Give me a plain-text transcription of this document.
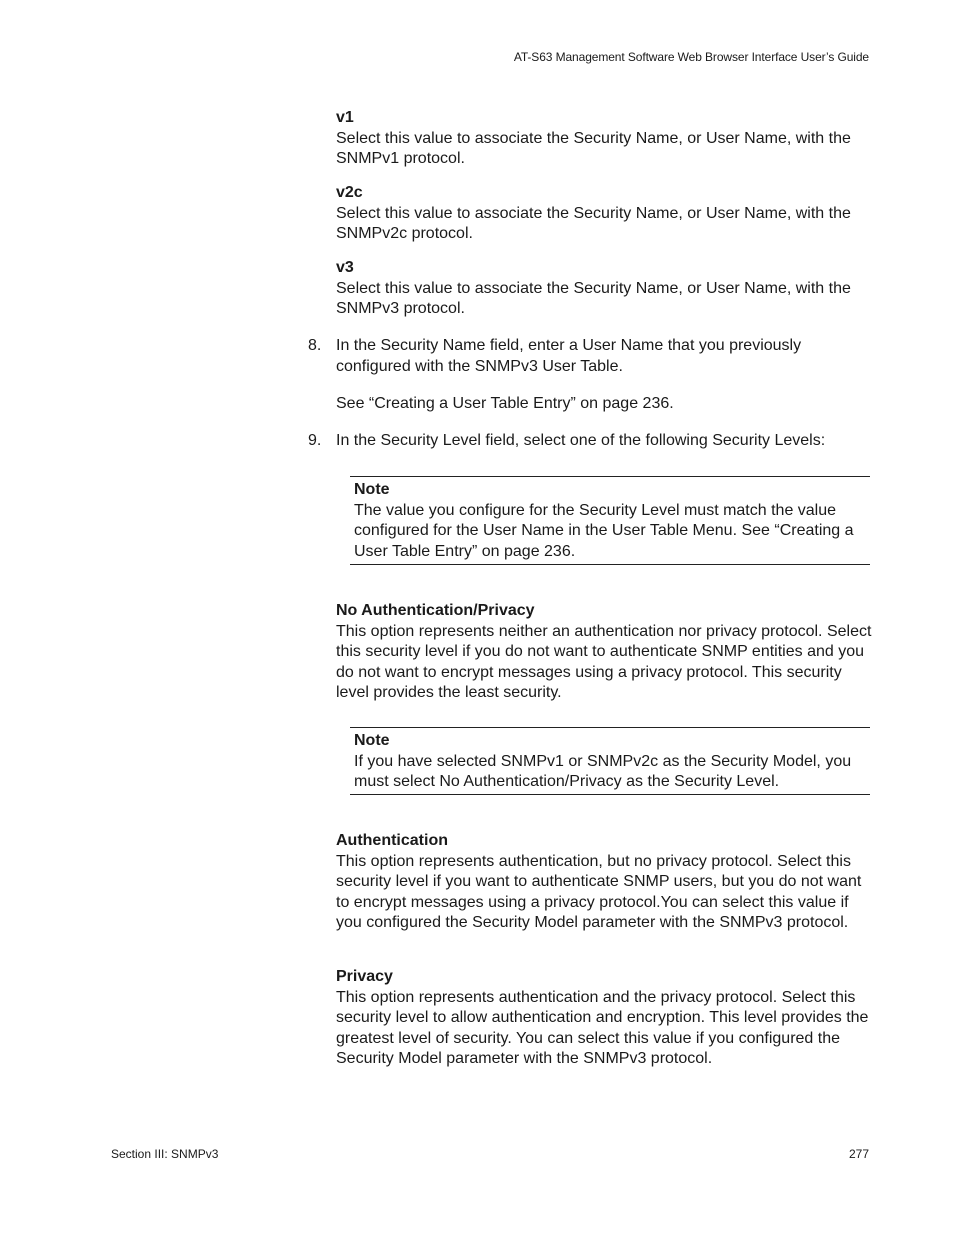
AT-S63 Management Software Web Browser Interface User’s Guide

v1

Select this value to associate the Security Name, or User Name, with the SNMPv1 protocol.

v2c

Select this value to associate the Security Name, or User Name, with the SNMPv2c protocol.

v3

Select this value to associate the Security Name, or User Name, with the SNMPv3 protocol.

8. In the Security Name field, enter a User Name that you previously configured with the SNMPv3 User Table.
See “Creating a User Table Entry” on page 236.
9. In the Security Level field, select one of the following Security Levels:

Note

The value you configure for the Security Level must match the value configured for the User Name in the User Table Menu. See “Creating a User Table Entry” on page 236.

No Authentication/Privacy

This option represents neither an authentication nor privacy protocol. Select this security level if you do not want to authenticate SNMP entities and you do not want to encrypt messages using a privacy protocol. This security level provides the least security.

Note

If you have selected SNMPv1 or SNMPv2c as the Security Model, you must select No Authentication/Privacy as the Security Level.

Authentication

This option represents authentication, but no privacy protocol. Select this security level if you want to authenticate SNMP users, but you do not want to encrypt messages using a privacy protocol.You can select this value if you configured the Security Model parameter with the SNMPv3 protocol.

Privacy

This option represents authentication and the privacy protocol. Select this security level to allow authentication and encryption. This level provides the greatest level of security. You can select this value if you configured the Security Model parameter with the SNMPv3 protocol.

Section III: SNMPv3	277
